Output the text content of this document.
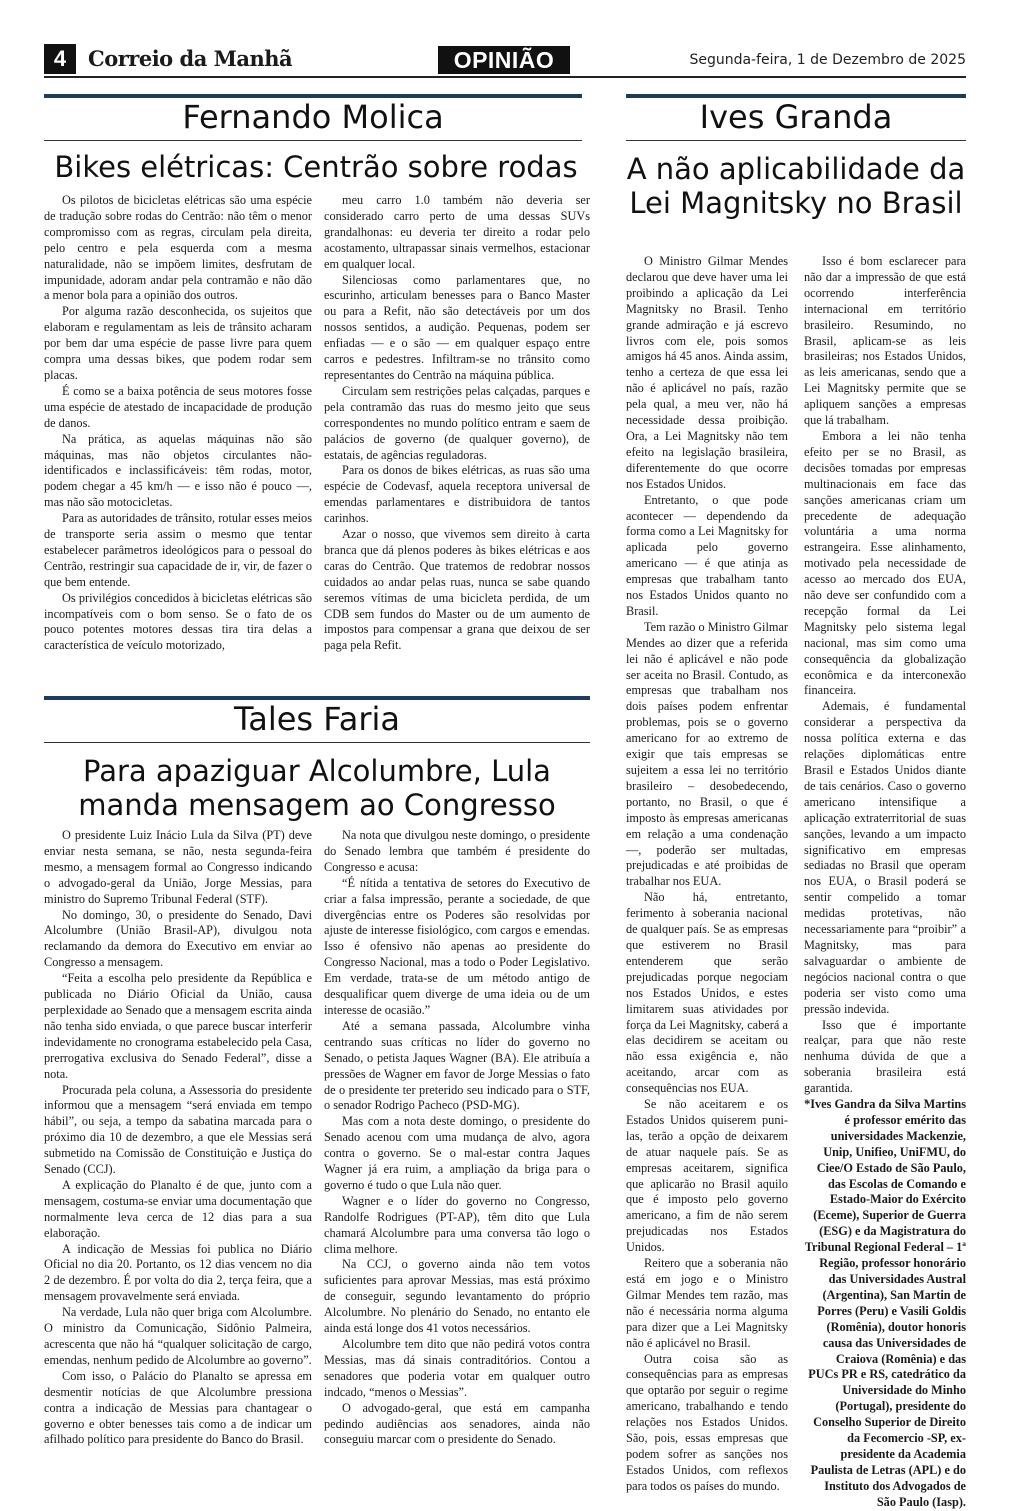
4	Correio da Manhã	OPINIÃO	Segunda-feira, 1 de Dezembro de 2025
Fernando Molica
Bikes elétricas: Centrão sobre rodas

Os pilotos de bicicletas elétricas são uma espécie de tradução sobre rodas do Centrão: não têm o menor compromisso com as regras, circulam pela direita, pelo centro e pela esquerda com a mesma naturalidade, não se impõem limites, desfrutam de impunidade, adoram andar pela contramão e não dão a menor bola para a opinião dos outros.

Por alguma razão desconhecida, os sujeitos que elaboram e regulamentam as leis de trânsito acharam por bem dar uma espécie de passe livre para quem compra uma dessas bikes, que podem rodar sem placas.

É como se a baixa potência de seus motores fosse uma espécie de atestado de incapacidade de produção de danos.

Na prática, as aquelas máquinas não são máquinas, mas não objetos circulantes não-identificados e inclassificáveis: têm rodas, motor, podem chegar a 45 km/h — e isso não é pouco —, mas não são motocicletas.

Para as autoridades de trânsito, rotular esses meios de transporte seria assim o mesmo que tentar estabelecer parâmetros ideológicos para o pessoal do Centrão, restringir sua capacidade de ir, vir, de fazer o que bem entende.

Os privilégios concedidos à bicicletas elétricas são incompatíveis com o bom senso. Se o fato de os pouco potentes motores dessas tira tira delas a característica de veículo motorizado,

meu carro 1.0 também não deveria ser considerado carro perto de uma dessas SUVs grandalhonas: eu deveria ter direito a rodar pelo acostamento, ultrapassar sinais vermelhos, estacionar em qualquer local.

Silenciosas como parlamentares que, no escurinho, articulam benesses para o Banco Master ou para a Refit, não são detectáveis por um dos nossos sentidos, a audição. Pequenas, podem ser enfiadas — e o são — em qualquer espaço entre carros e pedestres. Infiltram-se no trânsito como representantes do Centrão na máquina pública.

Circulam sem restrições pelas calçadas, parques e pela contramão das ruas do mesmo jeito que seus correspondentes no mundo político entram e saem de palácios de governo (de qualquer governo), de estatais, de agências reguladoras.

Para os donos de bikes elétricas, as ruas são uma espécie de Codevasf, aquela receptora universal de emendas parlamentares e distribuidora de tantos carinhos.

Azar o nosso, que vivemos sem direito à carta branca que dá plenos poderes às bikes elétricas e aos caras do Centrão. Que tratemos de redobrar nossos cuidados ao andar pelas ruas, nunca se sabe quando seremos vítimas de uma bicicleta perdida, de um CDB sem fundos do Master ou de um aumento de impostos para compensar a grana que deixou de ser paga pela Refit.

Tales Faria
Para apaziguar Alcolumbre, Lula manda mensagem ao Congresso

O presidente Luiz Inácio Lula da Silva (PT) deve enviar nesta semana, se não, nesta segunda-feira mesmo, a mensagem formal ao Congresso indicando o advogado-geral da União, Jorge Messias, para ministro do Supremo Tribunal Federal (STF).

No domingo, 30, o presidente do Senado, Davi Alcolumbre (União Brasil-AP), divulgou nota reclamando da demora do Executivo em enviar ao Congresso a mensagem.

“Feita a escolha pelo presidente da República e publicada no Diário Oficial da União, causa perplexidade ao Senado que a mensagem escrita ainda não tenha sido enviada, o que parece buscar interferir indevidamente no cronograma estabelecido pela Casa, prerrogativa exclusiva do Senado Federal”, disse a nota.

Procurada pela coluna, a Assessoria do presidente informou que a mensagem “será enviada em tempo hábil”, ou seja, a tempo da sabatina marcada para o próximo dia 10 de dezembro, a que ele Messias será submetido na Comissão de Constituição e Justiça do Senado (CCJ).

A explicação do Planalto é de que, junto com a mensagem, costuma-se enviar uma documentação que normalmente leva cerca de 12 dias para a sua elaboração.

A indicação de Messias foi publica no Diário Oficial no dia 20. Portanto, os 12 dias vencem no dia 2 de dezembro. É por volta do dia 2, terça feira, que a mensagem provavelmente será enviada.

Na verdade, Lula não quer briga com Alcolumbre. O ministro da Comunicação, Sidônio Palmeira, acrescenta que não há “qualquer solicitação de cargo, emendas, nenhum pedido de Alcolumbre ao governo”.

Com isso, o Palácio do Planalto se apressa em desmentir notícias de que Alcolumbre pressiona contra a indicação de Messias para chantagear o governo e obter benesses tais como a de indicar um afilhado político para presidente do Banco do Brasil.

Na nota que divulgou neste domingo, o presidente do Senado lembra que também é presidente do Congresso e acusa:

“É nítida a tentativa de setores do Executivo de criar a falsa impressão, perante a sociedade, de que divergências entre os Poderes são resolvidas por ajuste de interesse fisiológico, com cargos e emendas. Isso é ofensivo não apenas ao presidente do Congresso Nacional, mas a todo o Poder Legislativo. Em verdade, trata-se de um método antigo de desqualificar quem diverge de uma ideia ou de um interesse de ocasião.”

Até a semana passada, Alcolumbre vinha centrando suas críticas no líder do governo no Senado, o petista Jaques Wagner (BA). Ele atribuía a pressões de Wagner em favor de Jorge Messias o fato de o presidente ter preterido seu indicado para o STF, o senador Rodrigo Pacheco (PSD-MG).

Mas com a nota deste domingo, o presidente do Senado acenou com uma mudança de alvo, agora contra o governo. Se o mal-estar contra Jaques Wagner já era ruim, a ampliação da briga para o governo é tudo o que Lula não quer.

Wagner e o líder do governo no Congresso, Randolfe Rodrigues (PT-AP), têm dito que Lula chamará Alcolumbre para uma conversa tão logo o clima melhore.

Na CCJ, o governo ainda não tem votos suficientes para aprovar Messias, mas está próximo de conseguir, segundo levantamento do próprio Alcolumbre. No plenário do Senado, no entanto ele ainda está longe dos 41 votos necessários.

Alcolumbre tem dito que não pedirá votos contra Messias, mas dá sinais contraditórios. Contou a senadores que poderia votar em qualquer outro indcado, “menos o Messias”.

O advogado-geral, que está em campanha pedindo audiências aos senadores, ainda não conseguiu marcar com o presidente do Senado.

Ives Granda
A não aplicabilidade da Lei Magnitsky no Brasil

O Ministro Gilmar Mendes declarou que deve haver uma lei proibindo a aplicação da Lei Magnitsky no Brasil. Tenho grande admiração e já escrevo livros com ele, pois somos amigos há 45 anos. Ainda assim, tenho a certeza de que essa lei não é aplicável no país, razão pela qual, a meu ver, não há necessidade dessa proibição. Ora, a Lei Magnitsky não tem efeito na legislação brasileira, diferentemente do que ocorre nos Estados Unidos.

Entretanto, o que pode acontecer — dependendo da forma como a Lei Magnitsky for aplicada pelo governo americano — é que atinja as empresas que trabalham tanto nos Estados Unidos quanto no Brasil.

Tem razão o Ministro Gilmar Mendes ao dizer que a referida lei não é aplicável e não pode ser aceita no Brasil. Contudo, as empresas que trabalham nos dois países podem enfrentar problemas, pois se o governo americano for ao extremo de exigir que tais empresas se sujeitem a essa lei no território brasileiro – desobedecendo, portanto, no Brasil, o que é imposto às empresas americanas em relação a uma condenação —, poderão ser multadas, prejudicadas e até proibidas de trabalhar nos EUA.

Não há, entretanto, ferimento à soberania nacional de qualquer país. Se as empresas que estiverem no Brasil entenderem que serão prejudicadas porque negociam nos Estados Unidos, e estes limitarem suas atividades por força da Lei Magnitsky, caberá a elas decidirem se aceitam ou não essa exigência e, não aceitando, arcar com as consequências nos EUA.

Se não aceitarem e os Estados Unidos quiserem puni-las, terão a opção de deixarem de atuar naquele país. Se as empresas aceitarem, significa que aplicarão no Brasil aquilo que é imposto pelo governo americano, a fim de não serem prejudicadas nos Estados Unidos.

Reitero que a soberania não está em jogo e o Ministro Gilmar Mendes tem razão, mas não é necessária norma alguma para dizer que a Lei Magnitsky não é aplicável no Brasil.

Outra coisa são as consequências para as empresas que optarão por seguir o regime americano, trabalhando e tendo relações nos Estados Unidos. São, pois, essas empresas que podem sofrer as sanções nos Estados Unidos, com reflexos para todos os países do mundo.

Isso é bom esclarecer para não dar a impressão de que está ocorrendo interferência internacional em território brasileiro. Resumindo, no Brasil, aplicam-se as leis brasileiras; nos Estados Unidos, as leis americanas, sendo que a Lei Magnitsky permite que se apliquem sanções a empresas que lá trabalham.

Embora a lei não tenha efeito per se no Brasil, as decisões tomadas por empresas multinacionais em face das sanções americanas criam um precedente de adequação voluntária a uma norma estrangeira. Esse alinhamento, motivado pela necessidade de acesso ao mercado dos EUA, não deve ser confundido com a recepção formal da Lei Magnitsky pelo sistema legal nacional, mas sim como uma consequência da globalização econômica e da interconexão financeira.

Ademais, é fundamental considerar a perspectiva da nossa política externa e das relações diplomáticas entre Brasil e Estados Unidos diante de tais cenários. Caso o governo americano intensifique a aplicação extraterritorial de suas sanções, levando a um impacto significativo em empresas sediadas no Brasil que operam nos EUA, o Brasil poderá se sentir compelido a tomar medidas protetivas, não necessariamente para “proibir” a Magnitsky, mas para salvaguardar o ambiente de negócios nacional contra o que poderia ser visto como uma pressão indevida.

Isso que é importante realçar, para que não reste nenhuma dúvida de que a soberania brasileira está garantida.

*Ives Gandra da Silva Martins é professor emérito das universidades Mackenzie, Unip, Unifieo, UniFMU, do Ciee/O Estado de São Paulo, das Escolas de Comando e Estado-Maior do Exército (Eceme), Superior de Guerra (ESG) e da Magistratura do Tribunal Regional Federal – 1ª Região, professor honorário das Universidades Austral (Argentina), San Martin de Porres (Peru) e Vasili Goldis (Romênia), doutor honoris causa das Universidades de Craiova (Romênia) e das PUCs PR e RS, catedrático da Universidade do Minho (Portugal), presidente do Conselho Superior de Direito da Fecomercio -SP, ex-presidente da Academia Paulista de Letras (APL) e do Instituto dos Advogados de São Paulo (Iasp).
